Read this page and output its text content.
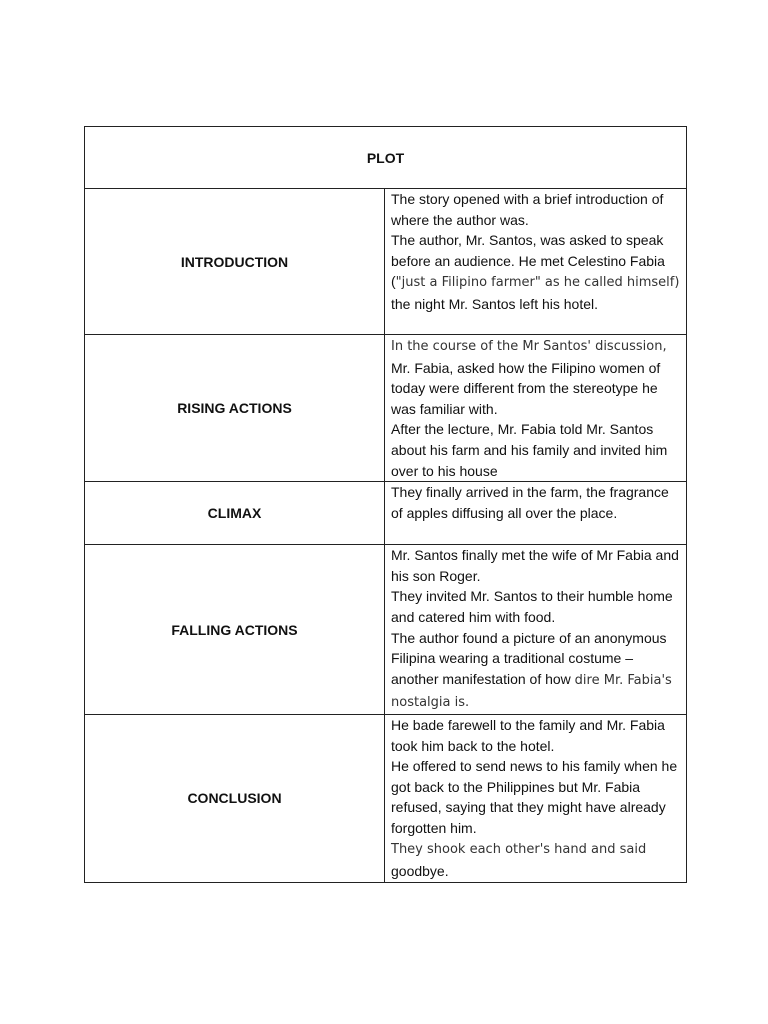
PLOT	
INTRODUCTION	The story opened with a brief introduction of where the author was.

The author, Mr. Santos, was asked to speak before an audience. He met Celestino Fabia ("just a Filipino farmer" as he called himself) the night Mr. Santos left his hotel.

RISING ACTIONS	In the course of the Mr Santos' discussion, Mr. Fabia, asked how the Filipino women of today were different from the stereotype he was familiar with.

After the lecture, Mr. Fabia told Mr. Santos about his farm and his family and invited him over to his house

CLIMAX	They finally arrived in the farm, the fragrance of apples diffusing all over the place.

FALLING ACTIONS	Mr. Santos finally met the wife of Mr Fabia and his son Roger.

They invited Mr. Santos to their humble home and catered him with food.

The author found a picture of an anonymous Filipina wearing a traditional costume – another manifestation of how dire Mr. Fabia's nostalgia is.

CONCLUSION	He bade farewell to the family and Mr. Fabia took him back to the hotel.

He offered to send news to his family when he got back to the Philippines but Mr. Fabia refused, saying that they might have already forgotten him.

They shook each other's hand and said goodbye.
